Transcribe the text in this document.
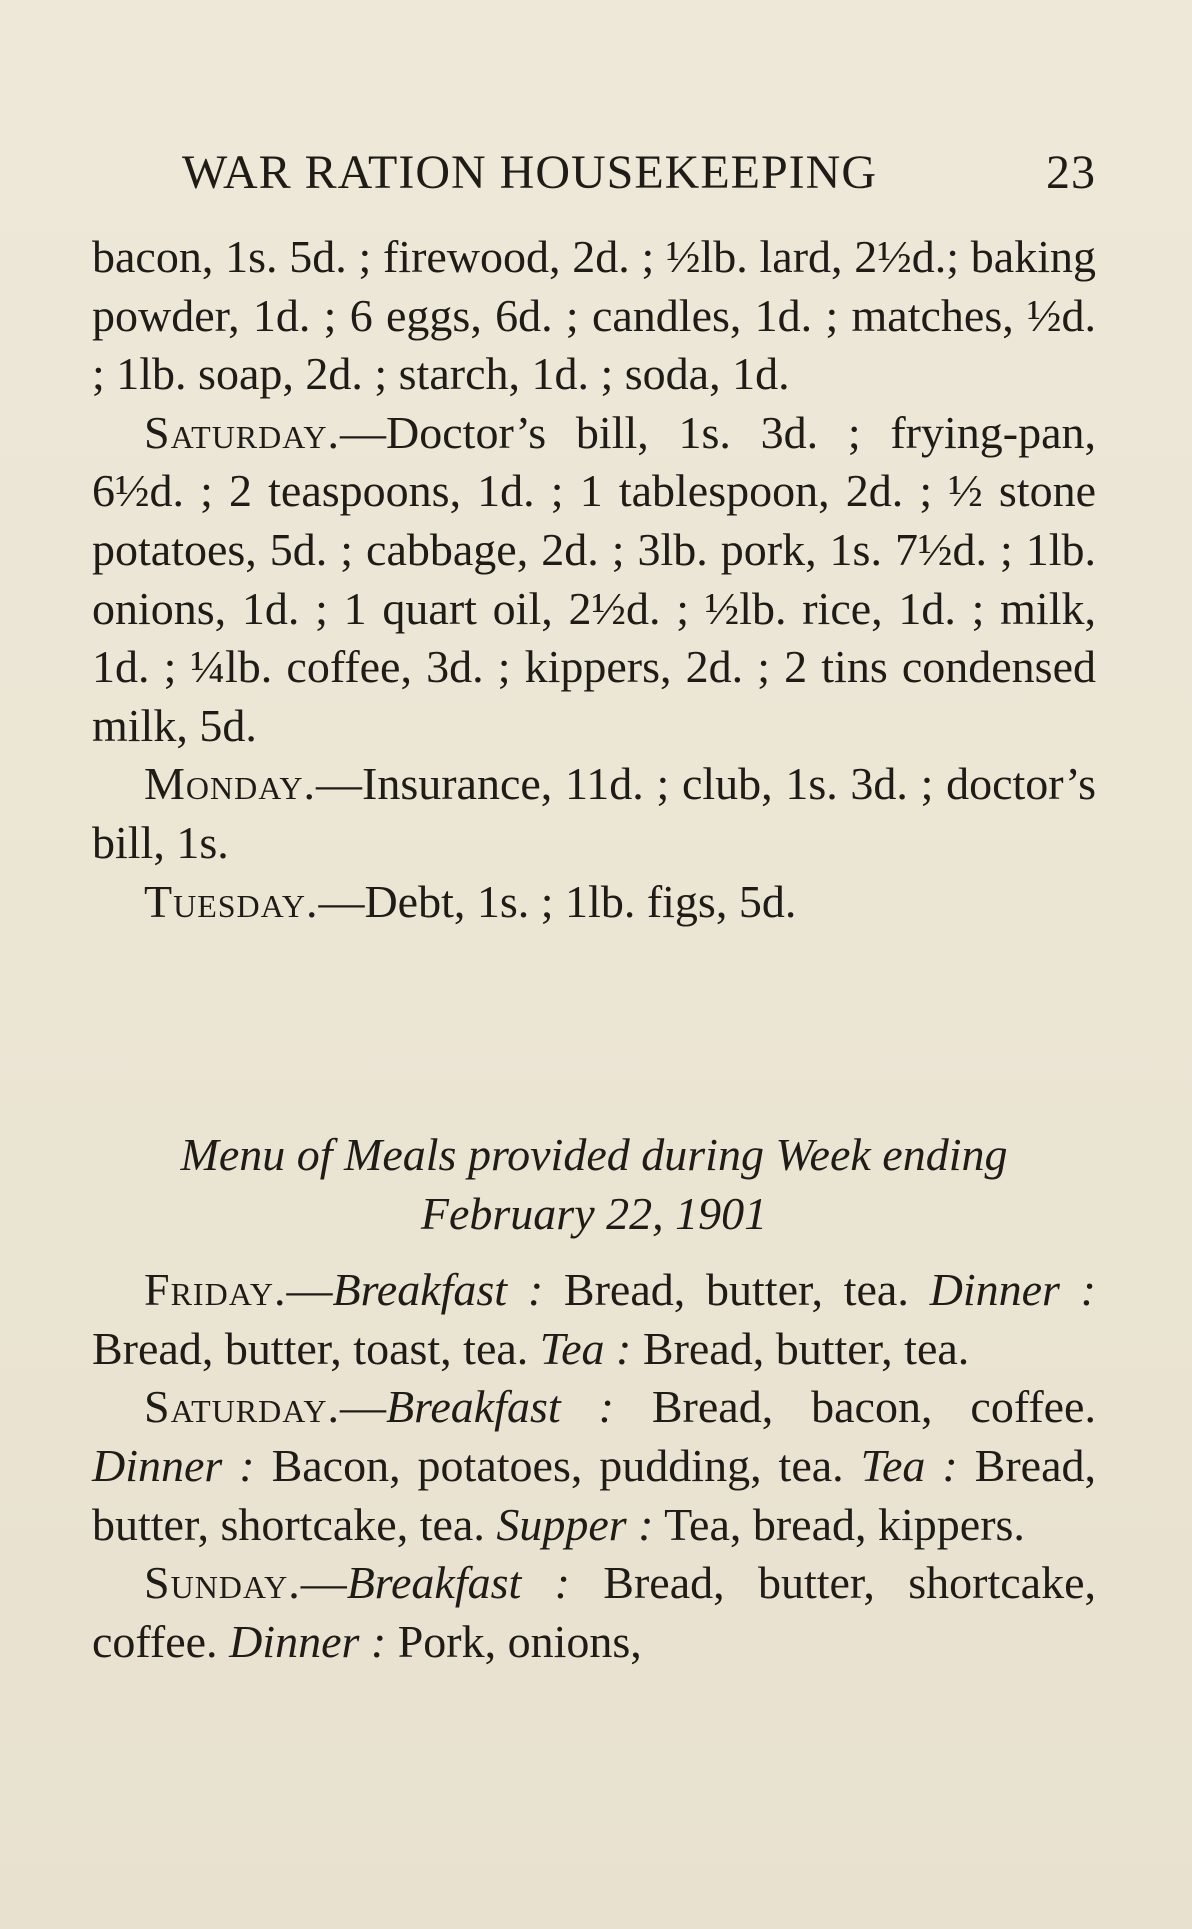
WAR RATION HOUSEKEEPING	23

bacon, 1s. 5d. ; firewood, 2d. ; ½lb. lard, 2½d.; baking powder, 1d. ; 6 eggs, 6d. ; candles, 1d. ; matches, ½d. ; 1lb. soap, 2d. ; starch, 1d. ; soda, 1d.

Saturday.—Doctor’s bill, 1s. 3d. ; frying-pan, 6½d. ; 2 teaspoons, 1d. ; 1 tablespoon, 2d. ; ½ stone potatoes, 5d. ; cabbage, 2d. ; 3lb. pork, 1s. 7½d. ; 1lb. onions, 1d. ; 1 quart oil, 2½d. ; ½lb. rice, 1d. ; milk, 1d. ; ¼lb. coffee, 3d. ; kippers, 2d. ; 2 tins condensed milk, 5d.

Monday.—Insurance, 11d. ; club, 1s. 3d. ; doctor’s bill, 1s.

Tuesday.—Debt, 1s. ; 1lb. figs, 5d.

Menu of Meals provided during Week ending
February 22, 1901

Friday.—Breakfast : Bread, butter, tea. Dinner : Bread, butter, toast, tea. Tea : Bread, butter, tea.

Saturday.—Breakfast : Bread, bacon, coffee. Dinner : Bacon, potatoes, pudding, tea. Tea : Bread, butter, shortcake, tea. Supper : Tea, bread, kippers.

Sunday.—Breakfast : Bread, butter, shortcake, coffee. Dinner : Pork, onions,
